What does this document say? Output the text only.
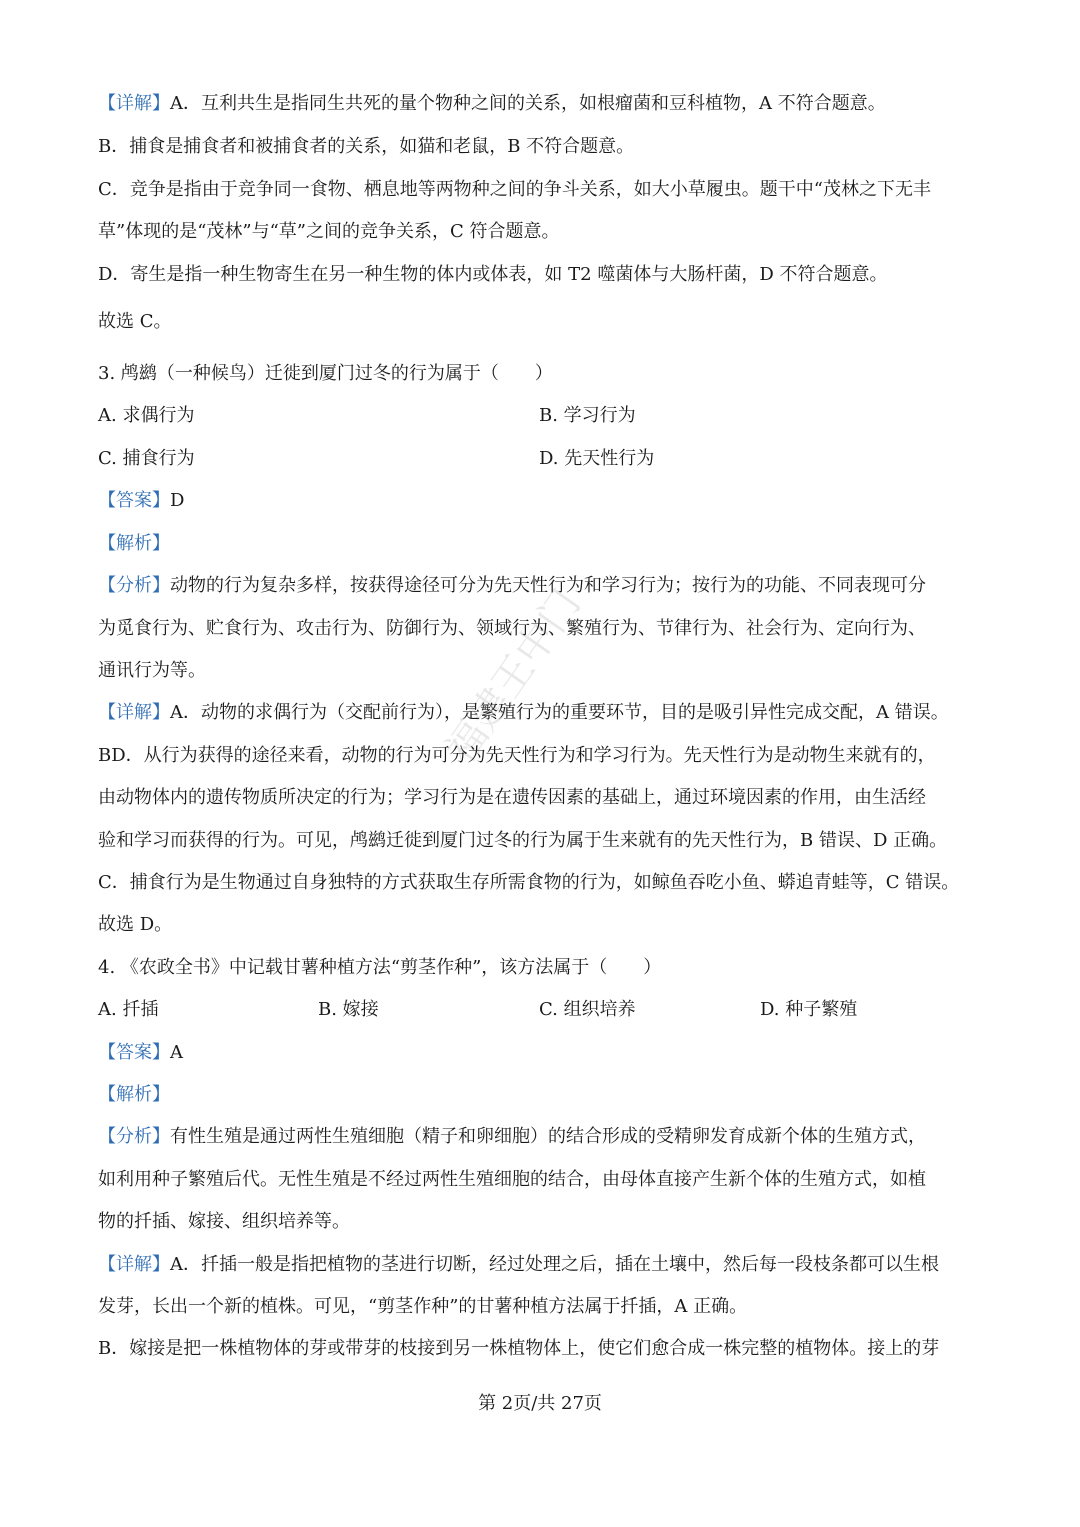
福建王中门
【详解】A．互利共生是指同生共死的量个物种之间的关系，如根瘤菌和豆科植物，A 不符合题意。
B．捕食是捕食者和被捕食者的关系，如猫和老鼠，B 不符合题意。
C．竞争是指由于竞争同一食物、栖息地等两物种之间的争斗关系，如大小草履虫。题干中“茂林之下无丰
草”体现的是“茂林”与“草”之间的竞争关系，C 符合题意。
D．寄生是指一种生物寄生在另一种生物的体内或体表，如 T2 噬菌体与大肠杆菌，D 不符合题意。
故选 C。
3. 鸬鹚（一种候鸟）迁徙到厦门过冬的行为属于（　　）
A. 求偶行为	B. 学习行为
C. 捕食行为	D. 先天性行为
【答案】D
【解析】
【分析】动物的行为复杂多样，按获得途径可分为先天性行为和学习行为；按行为的功能、不同表现可分
为觅食行为、贮食行为、攻击行为、防御行为、领域行为、繁殖行为、节律行为、社会行为、定向行为、
通讯行为等。
【详解】A．动物的求偶行为（交配前行为），是繁殖行为的重要环节，目的是吸引异性完成交配，A 错误。
BD．从行为获得的途径来看，动物的行为可分为先天性行为和学习行为。先天性行为是动物生来就有的，
由动物体内的遗传物质所决定的行为；学习行为是在遗传因素的基础上，通过环境因素的作用，由生活经
验和学习而获得的行为。可见，鸬鹚迁徙到厦门过冬的行为属于生来就有的先天性行为，B 错误、D 正确。
C．捕食行为是生物通过自身独特的方式获取生存所需食物的行为，如鲸鱼吞吃小鱼、蟒追青蛙等，C 错误。
故选 D。
4. 《农政全书》中记载甘薯种植方法“剪茎作种”，该方法属于（　　）
A. 扦插	B. 嫁接	C. 组织培养	D. 种子繁殖
【答案】A
【解析】
【分析】有性生殖是通过两性生殖细胞（精子和卵细胞）的结合形成的受精卵发育成新个体的生殖方式，
如利用种子繁殖后代。无性生殖是不经过两性生殖细胞的结合，由母体直接产生新个体的生殖方式，如植
物的扦插、嫁接、组织培养等。
【详解】A．扦插一般是指把植物的茎进行切断，经过处理之后，插在土壤中，然后每一段枝条都可以生根
发芽，长出一个新的植株。可见，“剪茎作种”的甘薯种植方法属于扦插，A 正确。
B．嫁接是把一株植物体的芽或带芽的枝接到另一株植物体上，使它们愈合成一株完整的植物体。接上的芽
第 2页/共 27页
